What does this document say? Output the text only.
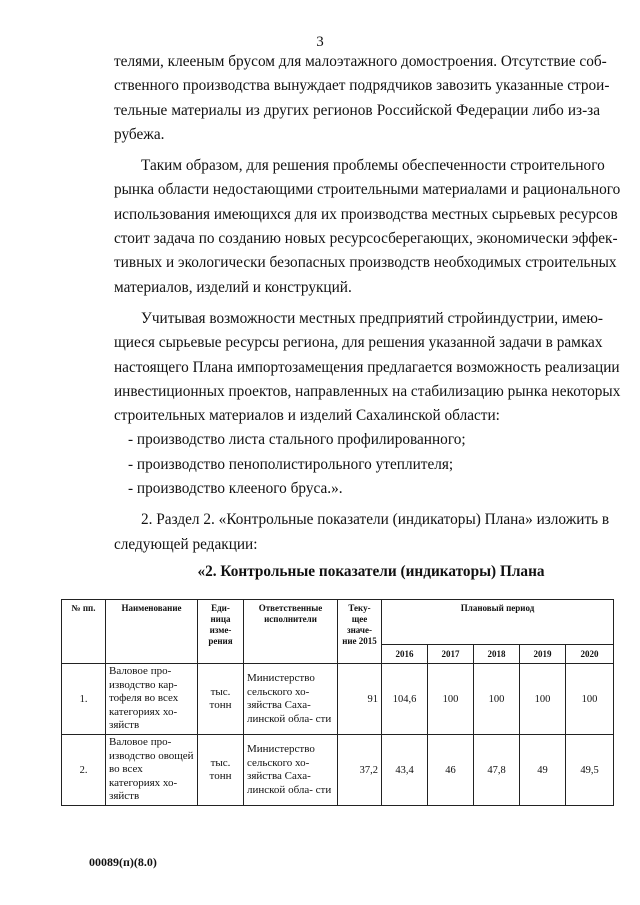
3
телями, клееным брусом для малоэтажного домостроения. Отсутствие соб-
ственного производства вынуждает подрядчиков завозить указанные строи-
тельные материалы из других регионов Российской Федерации либо из-за
рубежа.
Таким образом, для решения проблемы обеспеченности строительного
рынка области недостающими строительными материалами и рационального
использования имеющихся для их производства местных сырьевых ресурсов
стоит задача по созданию новых ресурсосберегающих, экономически эффек-
тивных и экологически безопасных производств необходимых строительных
материалов, изделий и конструкций.
Учитывая возможности местных предприятий стройиндустрии, имею-
щиеся сырьевые ресурсы региона, для решения указанной задачи в рамках
настоящего Плана импортозамещения предлагается возможность реализации
инвестиционных проектов, направленных на стабилизацию рынка некоторых
строительных материалов и изделий Сахалинской области:
- производство листа стального профилированного;
- производство пенополистирольного утеплителя;
- производство клееного бруса.».
2. Раздел 2. «Контрольные показатели (индикаторы) Плана» изложить в
следующей редакции:
«2. Контрольные показатели (индикаторы) Плана
№ пп.	Наименование	Еди- ница изме- рения	Ответственные исполнители	Теку- щее значе- ние 2015	Плановый период				
					2016	2017	2018	2019	2020
1.	Валовое про- изводство кар- тофеля во всех категориях хо- зяйств	тыс. тонн	Министерство сельского хо- зяйства Саха- линской обла- сти	91	104,6	100	100	100	100
2.	Валовое про- изводство овощей во всех категориях хо- зяйств	тыс. тонн	Министерство сельского хо- зяйства Саха- линской обла- сти	37,2	43,4	46	47,8	49	49,5
00089(п)(8.0)
